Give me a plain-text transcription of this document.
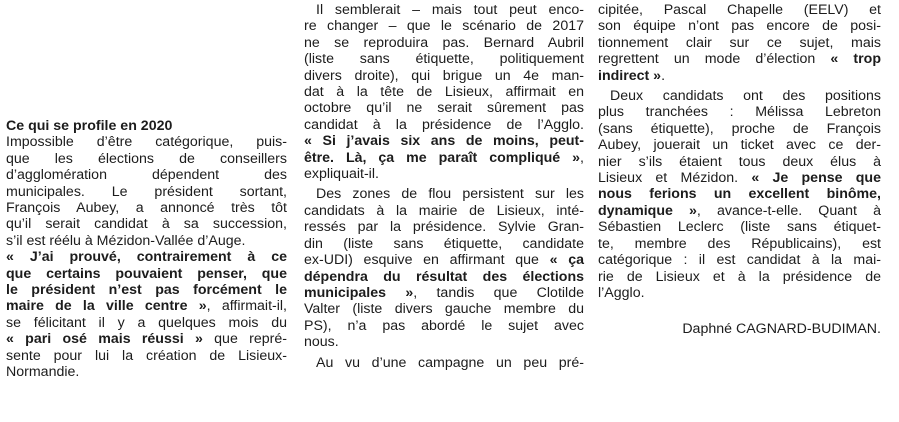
Ce qui se profile en 2020
Impossible d’être catégorique, puis-
que les élections de conseillers
d’agglomération dépendent des
municipales. Le président sortant,
François Aubey, a annoncé très tôt
qu’il serait candidat à sa succession,
s’il est réélu à Mézidon-Vallée d’Auge.
« J’ai prouvé, contrairement à ce
que certains pouvaient penser, que
le président n’est pas forcément le
maire de la ville centre », affirmait-il,
se félicitant il y a quelques mois du
« pari osé mais réussi » que repré-
sente pour lui la création de Lisieux-
Normandie.
Il semblerait – mais tout peut enco-
re changer – que le scénario de 2017
ne se reproduira pas. Bernard Aubril
(liste sans étiquette, politiquement
divers droite), qui brigue un 4e man-
dat à la tête de Lisieux, affirmait en
octobre qu’il ne serait sûrement pas
candidat à la présidence de l’Agglo.
« Si j’avais six ans de moins, peut-
être. Là, ça me paraît compliqué »,
expliquait-il.
Des zones de flou persistent sur les
candidats à la mairie de Lisieux, inté-
ressés par la présidence. Sylvie Gran-
din (liste sans étiquette, candidate
ex-UDI) esquive en affirmant que « ça
dépendra du résultat des élections
municipales », tandis que Clotilde
Valter (liste divers gauche membre du
PS), n’a pas abordé le sujet avec
nous.
Au vu d’une campagne un peu pré-
cipitée, Pascal Chapelle (EELV) et
son équipe n’ont pas encore de posi-
tionnement clair sur ce sujet, mais
regrettent un mode d’élection « trop
indirect ».
Deux candidats ont des positions
plus tranchées : Mélissa Lebreton
(sans étiquette), proche de François
Aubey, jouerait un ticket avec ce der-
nier s’ils étaient tous deux élus à
Lisieux et Mézidon. « Je pense que
nous ferions un excellent binôme,
dynamique », avance-t-elle. Quant à
Sébastien Leclerc (liste sans étiquet-
te, membre des Républicains), est
catégorique : il est candidat à la mai-
rie de Lisieux et à la présidence de
l’Agglo.
Daphné CAGNARD-BUDIMAN.
